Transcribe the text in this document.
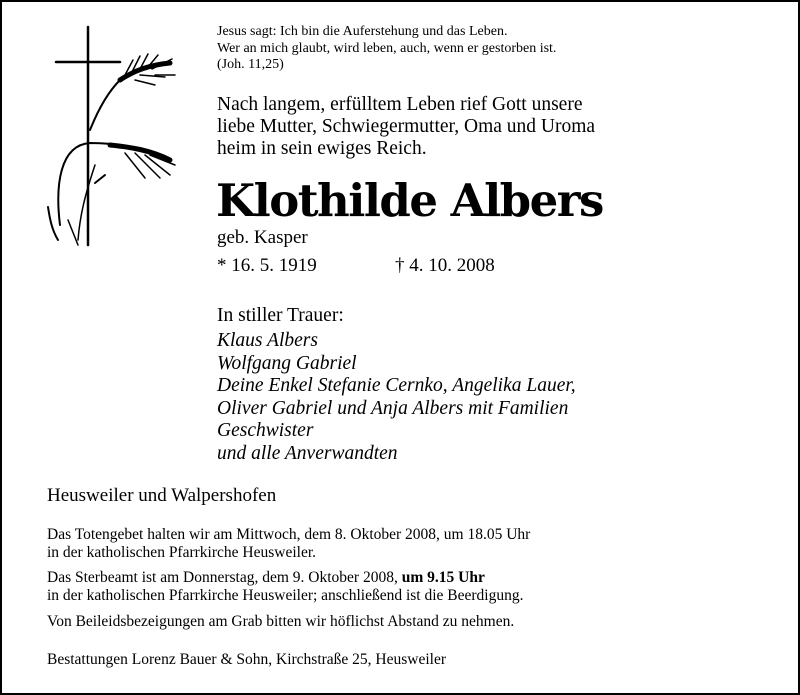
Jesus sagt: Ich bin die Auferstehung und das Leben.
Wer an mich glaubt, wird leben, auch, wenn er gestorben ist.
(Joh. 11,25)
Nach langem, erfülltem Leben rief Gott unsere
liebe Mutter, Schwiegermutter, Oma und Uroma
heim in sein ewiges Reich.
Klothilde Albers
geb. Kasper
* 16. 5. 1919	† 4. 10. 2008
In stiller Trauer:
Klaus Albers
Wolfgang Gabriel
Deine Enkel Stefanie Cernko, Angelika Lauer,
Oliver Gabriel und Anja Albers mit Familien
Geschwister
und alle Anverwandten
Heusweiler und Walpershofen
Das Totengebet halten wir am Mittwoch, dem 8. Oktober 2008, um 18.05 Uhr
in der katholischen Pfarrkirche Heusweiler.
Das Sterbeamt ist am Donnerstag, dem 9. Oktober 2008, um 9.15 Uhr
in der katholischen Pfarrkirche Heusweiler; anschließend ist die Beerdigung.
Von Beileidsbezeigungen am Grab bitten wir höflichst Abstand zu nehmen.
Bestattungen Lorenz Bauer & Sohn, Kirchstraße 25, Heusweiler
